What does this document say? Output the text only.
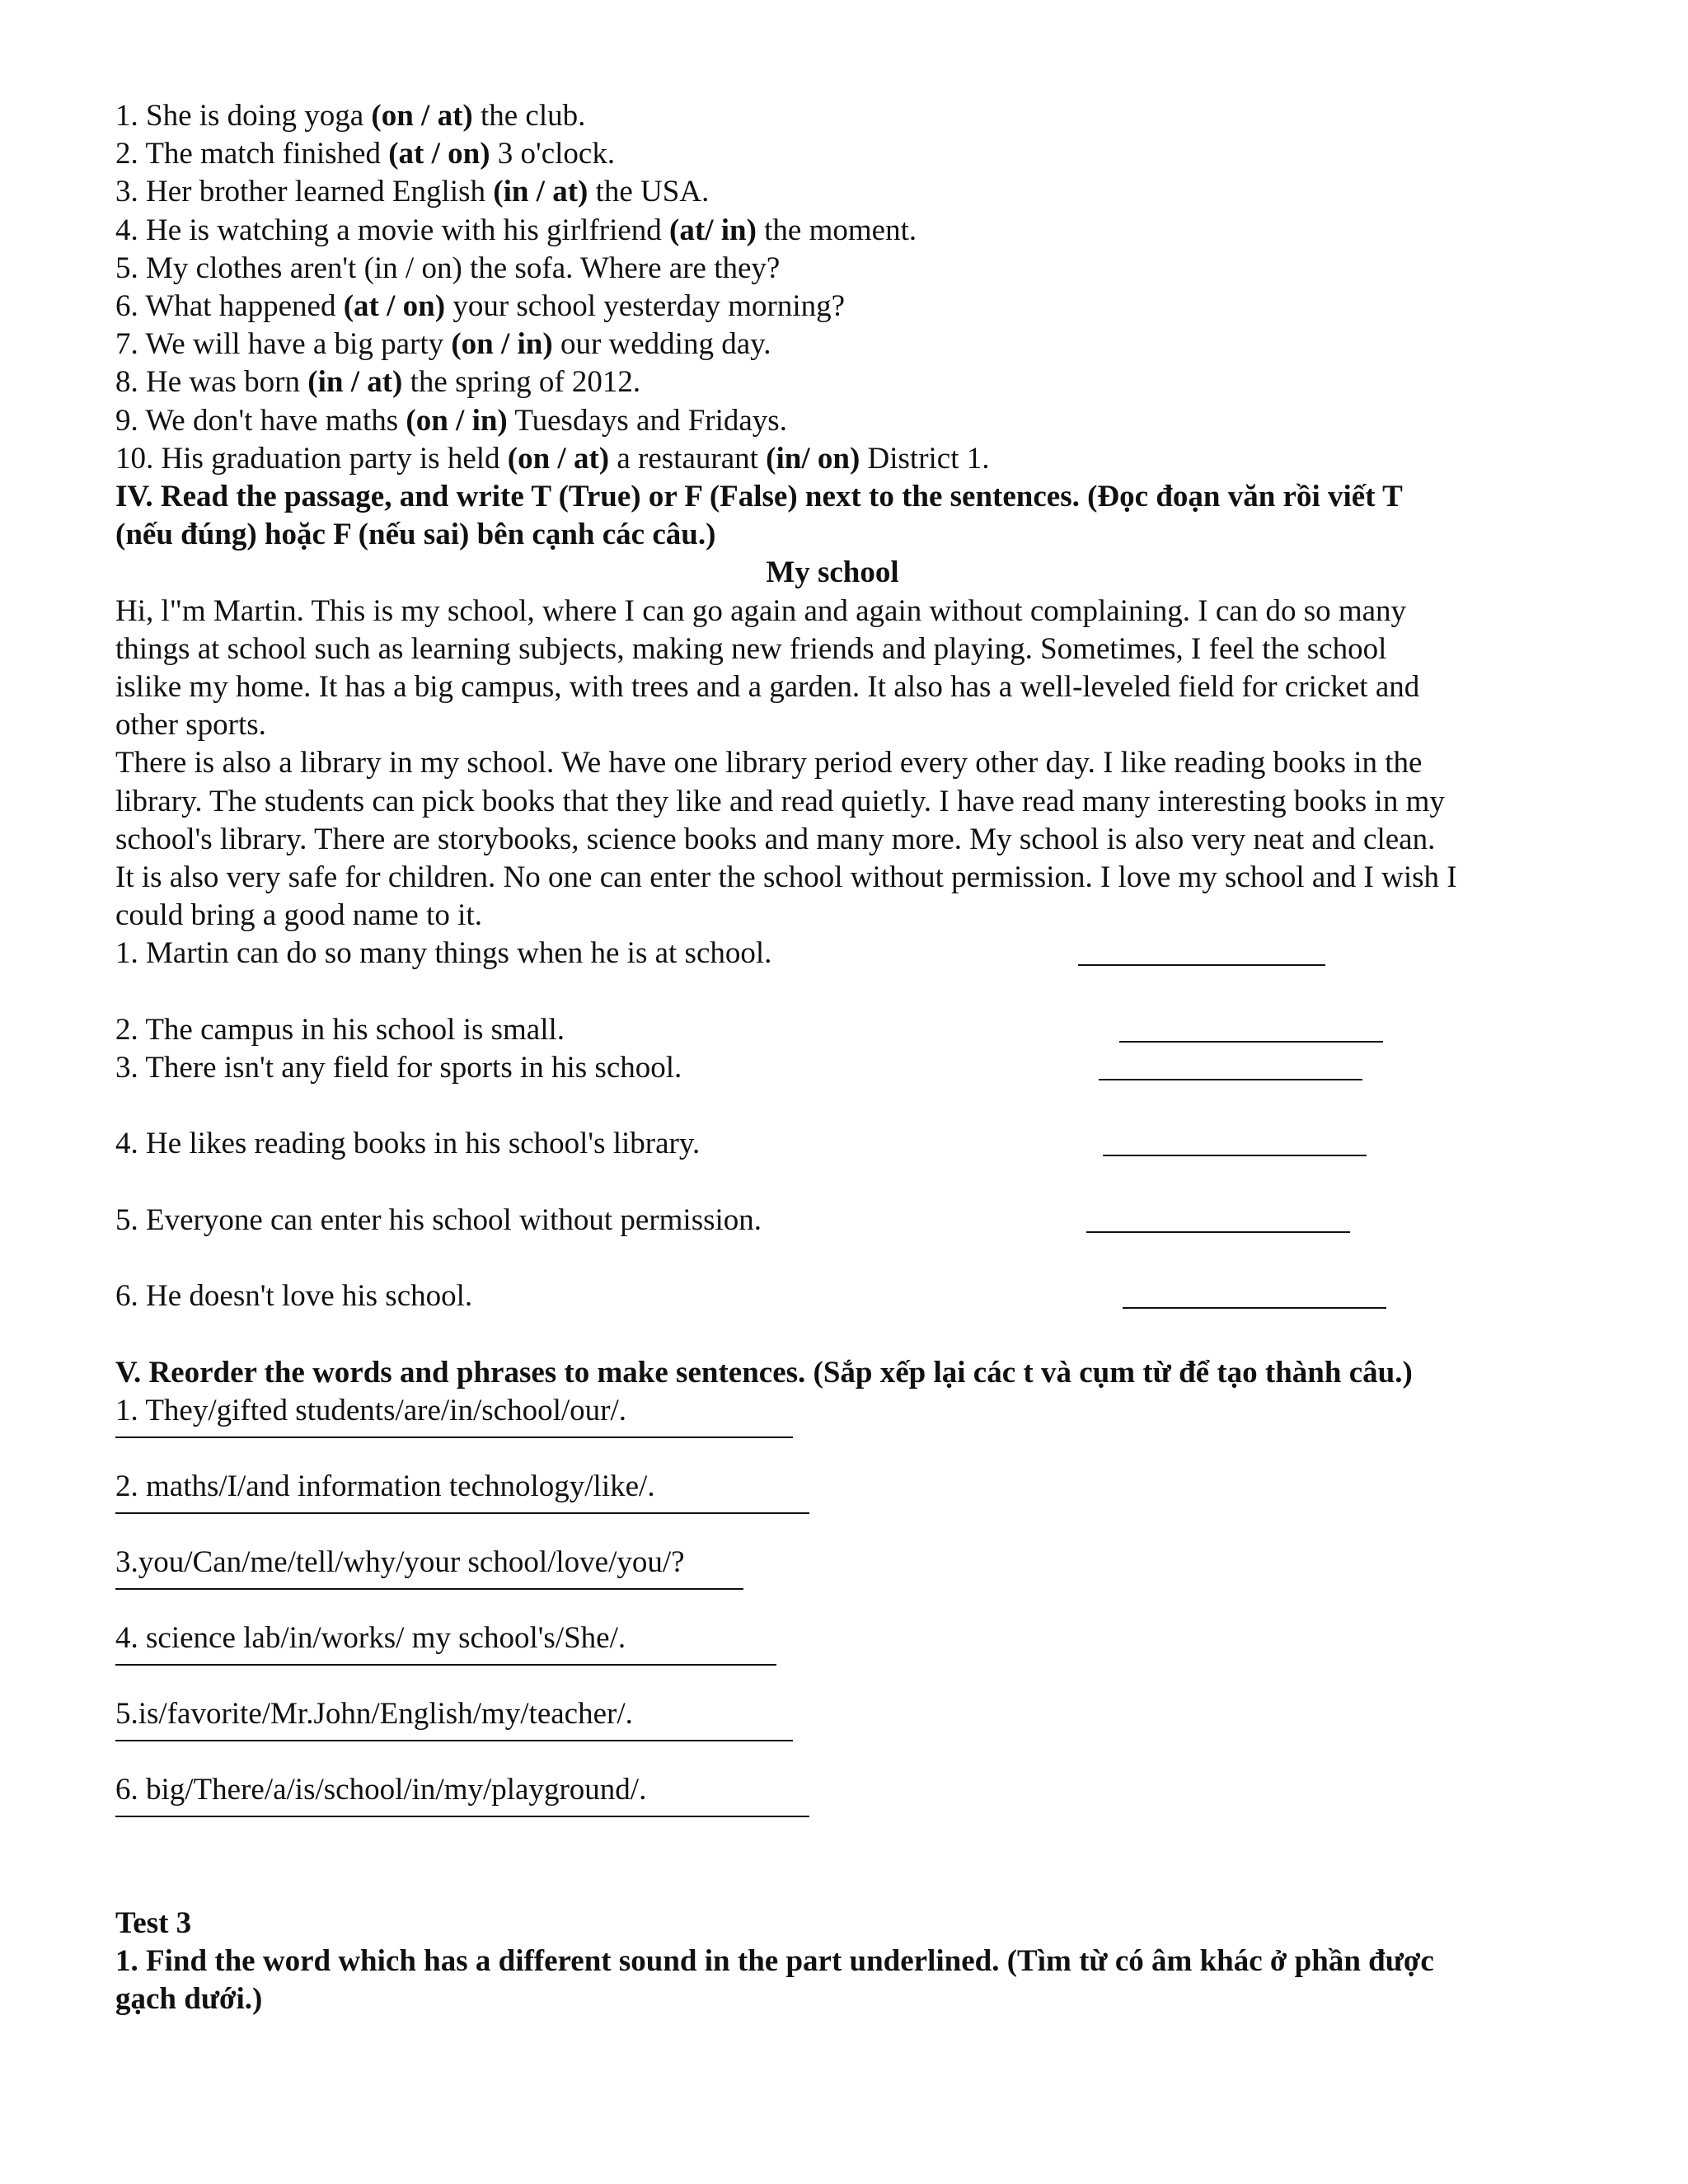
1. She is doing yoga (on / at) the club.
2. The match finished (at / on) 3 o'clock.
3. Her brother learned English (in / at) the USA.
4. He is watching a movie with his girlfriend (at/ in) the moment.
5. My clothes aren't (in / on) the sofa. Where are they?
6. What happened (at / on) your school yesterday morning?
7. We will have a big party (on / in) our wedding day.
8. He was born (in / at) the spring of 2012.
9. We don't have maths (on / in) Tuesdays and Fridays.
10. His graduation party is held (on / at) a restaurant (in/ on) District 1.
IV. Read the passage, and write T (True) or F (False) next to the sentences. (Đọc đoạn văn rồi viết T
(nếu đúng) hoặc F (nếu sai) bên cạnh các câu.)
My school
Hi, l"m Martin. This is my school, where I can go again and again without complaining. I can do so many
things at school such as learning subjects, making new friends and playing. Sometimes, I feel the school
islike my home. It has a big campus, with trees and a garden. It also has a well-leveled field for cricket and
other sports.
There is also a library in my school. We have one library period every other day. I like reading books in the
library. The students can pick books that they like and read quietly. I have read many interesting books in my
school's library. There are storybooks, science books and many more. My school is also very neat and clean.
It is also very safe for children. No one can enter the school without permission. I love my school and I wish I
could bring a good name to it.
1. Martin can do so many things when he is at school.
2. The campus in his school is small.
3. There isn't any field for sports in his school.
4. He likes reading books in his school's library.
5. Everyone can enter his school without permission.
6. He doesn't love his school.
V. Reorder the words and phrases to make sentences. (Sắp xếp lại các t và cụm từ để tạo thành câu.)
1. They/gifted students/are/in/school/our/.
2. maths/I/and information technology/like/.
3.you/Can/me/tell/why/your school/love/you/?
4. science lab/in/works/ my school's/She/.
5.is/favorite/Mr.John/English/my/teacher/.
6. big/There/a/is/school/in/my/playground/.
Test 3
1. Find the word which has a different sound in the part underlined. (Tìm từ có âm khác ở phần được
gạch dưới.)
